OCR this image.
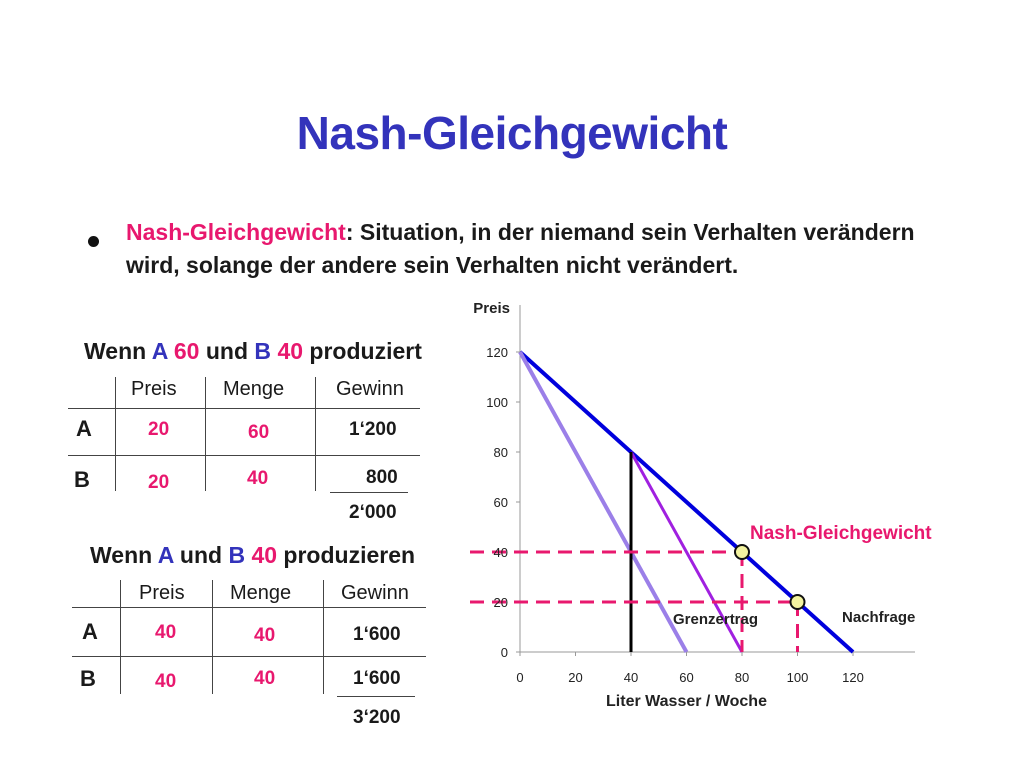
Nash-Gleichgewicht
Nash-Gleichgewicht: Situation, in der niemand sein Verhalten verändern wird, solange der andere sein Verhalten nicht verändert.
Wenn A 60 und B 40 produziert
Preis Menge	Gewinn
A	20	60	1‘200
B	20	40	800
2‘000
Wenn A und B 40 produzieren
Preis Menge Gewinn
A	40	40	1‘600
B	40	40	1‘600
3‘200
Preis
Liter Wasser / Woche
0
20
40
60
80
100
120
0	20	40	60	80	100	120
Nash-Gleichgewicht
Grenzertrag	Nachfrage
